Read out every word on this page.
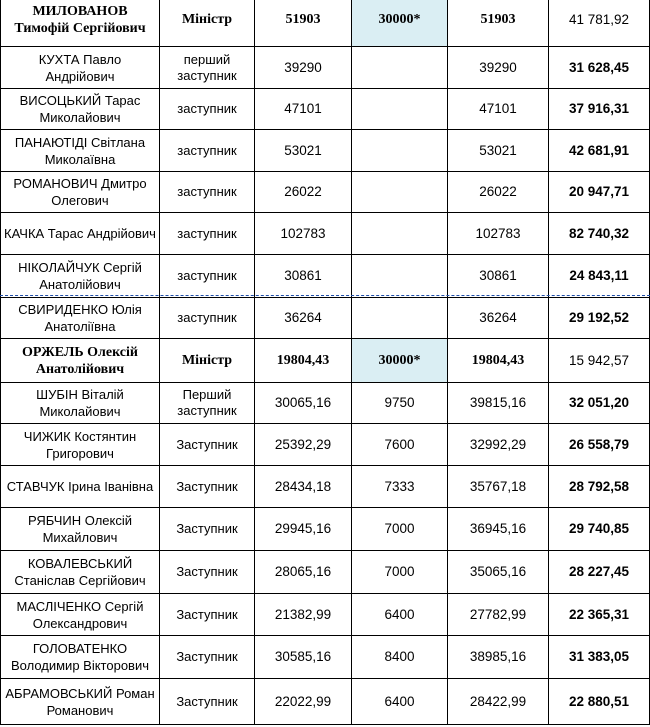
МИЛОВАНОВ Тимофій Сергійович	Міністр	51903	30000*	51903	41 781,92
КУХТА Павло Андрійович	перший заступник	39290		39290	31 628,45
ВИСОЦЬКИЙ Тарас Миколайович	заступник	47101		47101	37 916,31
ПАНАЮТІДІ Світлана Миколаївна	заступник	53021		53021	42 681,91
РОМАНОВИЧ Дмитро Олегович	заступник	26022		26022	20 947,71
КАЧКА Тарас Андрійович	заступник	102783		102783	82 740,32
НІКОЛАЙЧУК Сергій Анатолійович	заступник	30861		30861	24 843,11
СВИРИДЕНКО Юлія Анатоліївна	заступник	36264		36264	29 192,52
ОРЖЕЛЬ Олексій Анатолійович	Міністр	19804,43	30000*	19804,43	15 942,57
ШУБІН Віталій Миколайович	Перший заступник	30065,16	9750	39815,16	32 051,20
ЧИЖИК Костянтин Григорович	Заступник	25392,29	7600	32992,29	26 558,79
СТАВЧУК Ірина Іванівна	Заступник	28434,18	7333	35767,18	28 792,58
РЯБЧИН Олексій Михайлович	Заступник	29945,16	7000	36945,16	29 740,85
КОВАЛЕВСЬКИЙ Станіслав Сергійович	Заступник	28065,16	7000	35065,16	28 227,45
МАСЛІЧЕНКО Сергій Олександрович	Заступник	21382,99	6400	27782,99	22 365,31
ГОЛОВАТЕНКО Володимир Вікторович	Заступник	30585,16	8400	38985,16	31 383,05
АБРАМОВСЬКИЙ Роман Романович	Заступник	22022,99	6400	28422,99	22 880,51
